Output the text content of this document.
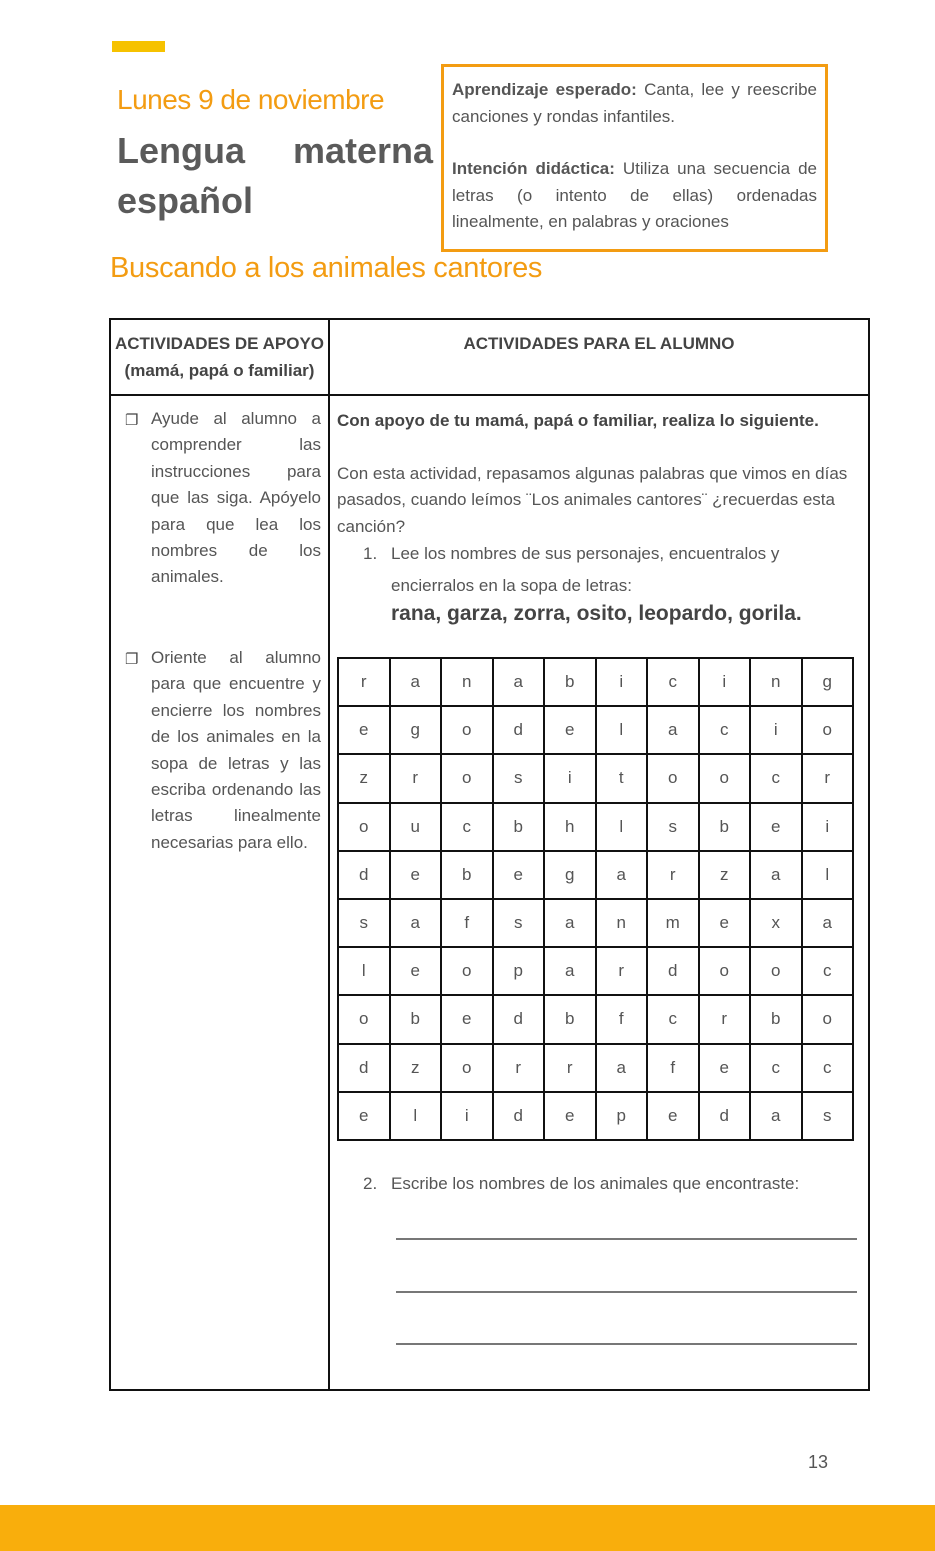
Lunes 9 de noviembre
Lengua materna
español

Aprendizaje esperado: Canta, lee y reescribe canciones y rondas infantiles.

Intención didáctica: Utiliza una secuencia de letras (o intento de ellas) ordenadas linealmente, en palabras y oraciones

Buscando a los animales cantores
ACTIVIDADES DE APOYO
(mamá, papá o familiar)
ACTIVIDADES PARA EL ALUMNO
❐ Ayude al alumno a comprender las instrucciones para que las siga. Apóyelo para que lea los nombres de los animales.
❐ Oriente al alumno para que encuentre y encierre los nombres de los animales en la sopa de letras y las escriba ordenando las letras linealmente necesarias para ello.
Con apoyo de tu mamá, papá o familiar, realiza lo siguiente.
Con esta actividad, repasamos algunas palabras que vimos en días pasados, cuando leímos ¨Los animales cantores¨ ¿recuerdas esta canción?
1. Lee los nombres de sus personajes, encuentralos y encierralos en la sopa de letras:
rana, garza, zorra, osito, leopardo, gorila.
r	a	n	a	b	i	c	i	n	g
e	g	o	d	e	l	a	c	i	o
z	r	o	s	i	t	o	o	c	r
o	u	c	b	h	l	s	b	e	i
d	e	b	e	g	a	r	z	a	l
s	a	f	s	a	n	m	e	x	a
l	e	o	p	a	r	d	o	o	c
o	b	e	d	b	f	c	r	b	o
d	z	o	r	r	a	f	e	c	c
e	l	i	d	e	p	e	d	a	s
2. Escribe los nombres de los animales que encontraste:
13
